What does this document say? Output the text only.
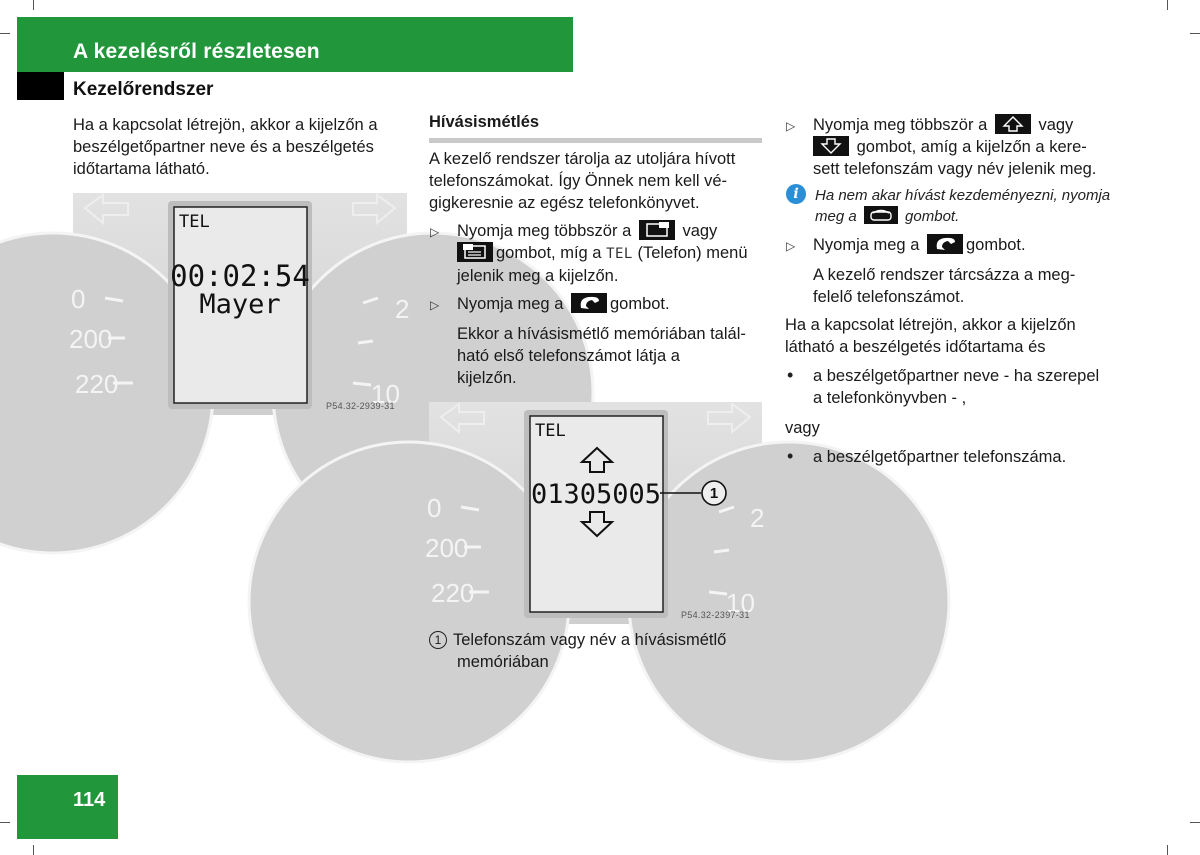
A kezelésről részletesen
Kezelőrendszer

Ha a kapcsolat létrejön, akkor a kijelzőn a
beszélgetőpartner neve és a beszélgetés
időtartama látható.

0
200
220
2
10
TEL
00:02:54
Mayer
P54.32-2939-31
Hívásismétlés

A kezelő rendszer tárolja az utoljára hívott
telefonszámokat. Így Önnek nem kell vé-
gigkeresnie az egész telefonkönyvet.

▷ Nyomja meg többször a	vagy

gombot, míg a TEL (Telefon) menü
jelenik meg a kijelzőn.

▷ Nyomja meg a	gombot.

Ekkor a hívásismétlő memóriában talál-
ható első telefonszámot látja a
kijelzőn.

0
200
220
2
10
TEL
01305005	1
P54.32-2397-31

1 Telefonszám vagy név a hívásismétlő
memóriában

▷ Nyomja meg többször a	vagy

gombot, amíg a kijelzőn a kere-
sett telefonszám vagy név jelenik meg.

i	Ha nem akar hívást kezdeményezni, nyomja
meg a	gombot.
▷ Nyomja meg a	gombot.

A kezelő rendszer tárcsázza a meg-
felelő telefonszámot.

Ha a kapcsolat létrejön, akkor a kijelzőn
látható a beszélgetés időtartama és

• a beszélgetőpartner neve - ha szerepel
a telefonkönyvben - ,

vagy

• a beszélgetőpartner telefonszáma.

114
